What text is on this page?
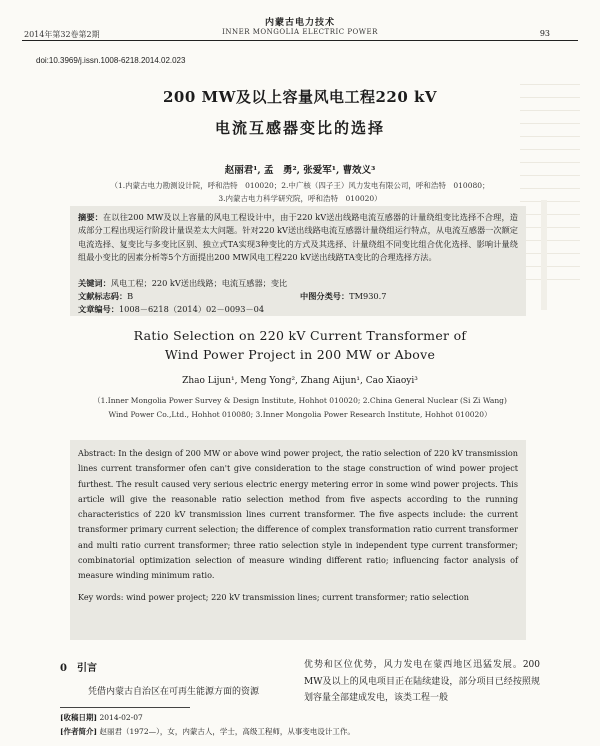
内蒙古电力技术
INNER MONGOLIA ELECTRIC POWER
2014年第32卷第2期	93
doi:10.3969/j.issn.1008-6218.2014.02.023
200 MW及以上容量风电工程220 kV
电流互感器变比的选择
赵丽君¹, 孟　勇², 张爱军¹, 曹效义³
（1.内蒙古电力勘测设计院，呼和浩特　010020；2.中广核（四子王）风力发电有限公司，呼和浩特　010080；
3.内蒙古电力科学研究院，呼和浩特　010020）
摘要：在以往200 MW及以上容量的风电工程设计中，由于220 kV送出线路电流互感器的计量绕组变比选择不合理，造成部分工程出现运行阶段计量误差太大问题。针对220 kV送出线路电流互感器计量绕组运行特点，从电流互感器一次额定电流选择、复变比与多变比区别、独立式TA实现3种变比的方式及其选择、计量绕组不同变比组合优化选择、影响计量绕组最小变比的因素分析等5个方面提出200 MW风电工程220 kV送出线路TA变比的合理选择方法。
关键词：风电工程；220 kV送出线路；电流互感器；变比
文献标志码：B	中图分类号：TM930.7
文章编号：1008－6218（2014）02－0093－04
Ratio Selection on 220 kV Current Transformer of
Wind Power Project in 200 MW or Above
Zhao Lijun¹, Meng Yong², Zhang Aijun¹, Cao Xiaoyi³
（1.Inner Mongolia Power Survey & Design Institute, Hohhot 010020; 2.China General Nuclear (Si Zi Wang)
Wind Power Co.,Ltd., Hohhot 010080; 3.Inner Mongolia Power Research Institute, Hohhot 010020）

Abstract: In the design of 200 MW or above wind power project, the ratio selection of 220 kV transmission lines current transformer ofen can't give consideration to the stage construction of wind power project furthest. The result caused very serious electric energy metering error in some wind power projects. This article will give the reasonable ratio selection method from five aspects according to the running characteristics of 220 kV transmission lines current transformer. The five aspects include: the current transformer primary current selection; the difference of complex transformation ratio current transformer and multi ratio current transformer; three ratio selection style in independent type current transformer; combinatorial optimization selection of measure winding different ratio; influencing factor analysis of measure winding minimum ratio.

Key words: wind power project; 220 kV transmission lines; current transformer; ratio selection

0　 引言
凭借内蒙古自治区在可再生能源方面的资源
优势和区位优势，风力发电在蒙西地区迅猛发展。200 MW及以上的风电项目正在陆续建设，部分项目已经按照规划容量全部建成发电，该类工程一般
[收稿日期] 2014-02-07
[作者简介] 赵丽君（1972—），女，内蒙古人，学士，高级工程师，从事变电设计工作。
